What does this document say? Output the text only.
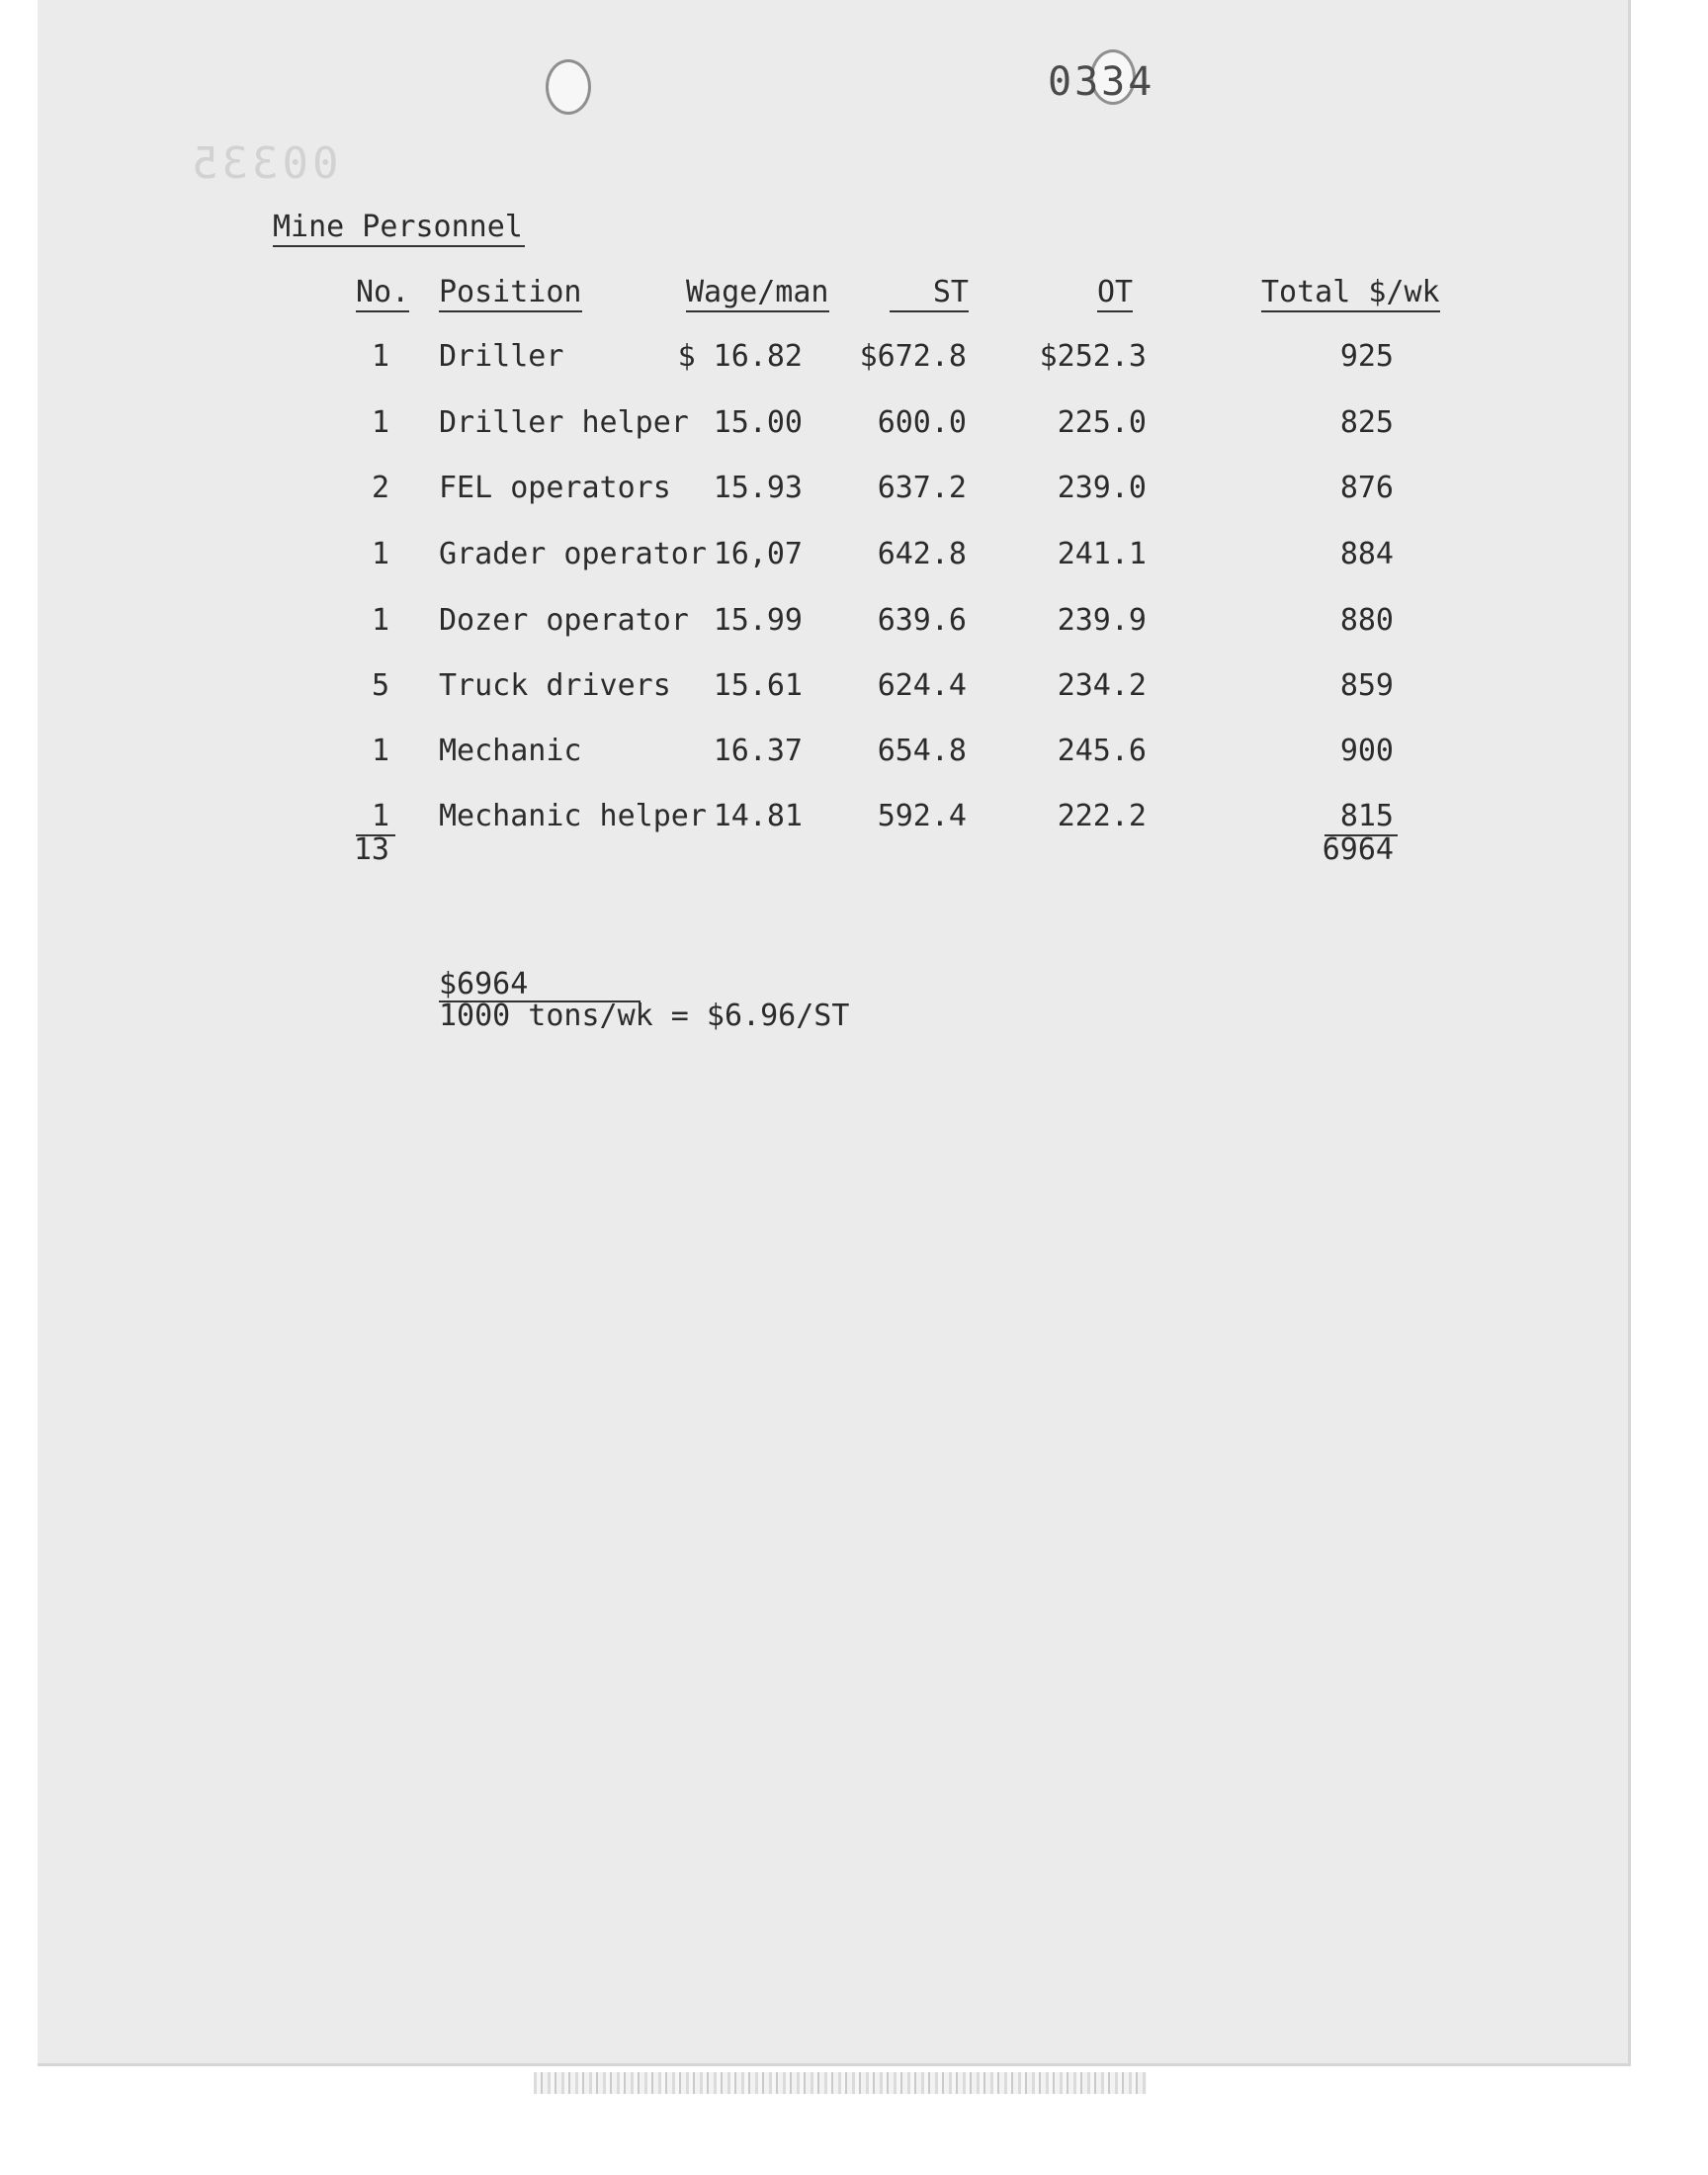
0334
00335
Mine Personnel
No. Position	Wage/man	ST	OT	Total $/wk
1 Driller	$ 16.82	$672.8	$252.3	925
1 Driller helper 15.00	600.0	225.0	825
2 FEL operators	15.93	637.2	239.0	876
1 Grader operator 16,07	642.8	241.1	884
1 Dozer operator 15.99	639.6	239.9	880
5 Truck drivers	15.61	624.4	234.2	859
1 Mechanic	16.37	654.8	245.6	900
1 Mechanic helper 14.81	592.4	222.2	815
13	6964
$6964
1000 tons/wk = $6.96/ST
